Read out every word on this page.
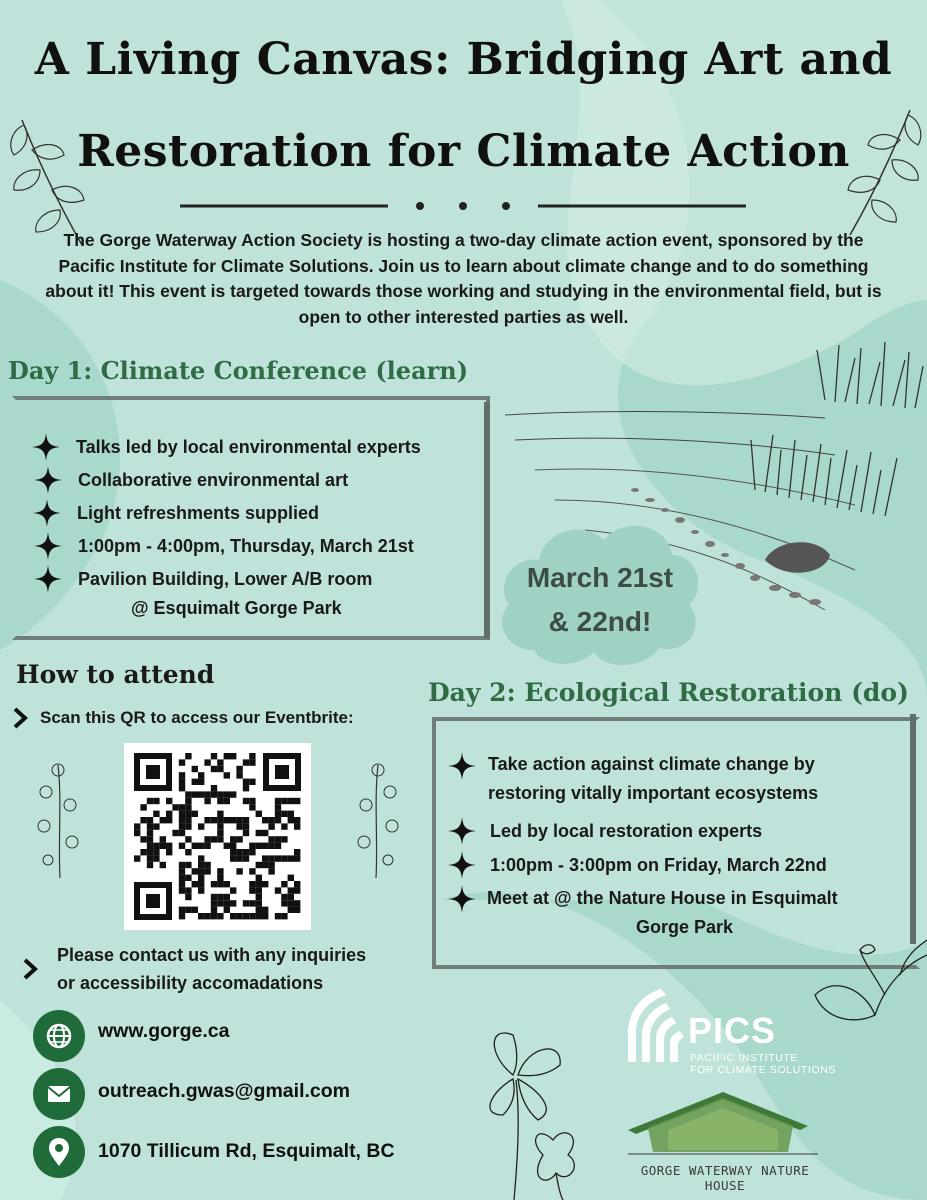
A Living Canvas: Bridging Art and
Restoration for Climate Action
The Gorge Waterway Action Society is hosting a two-day climate action event, sponsored by the Pacific Institute for Climate Solutions. Join us to learn about climate change and to do something about it! This event is targeted towards those working and studying in the environmental field, but is open to other interested parties as well.
Day 1: Climate Conference (learn)
Talks led by local environmental experts
Collaborative environmental art
Light refreshments supplied
1:00pm - 4:00pm, Thursday, March 21st
Pavilion Building, Lower A/B room
@ Esquimalt Gorge Park
March 21st
& 22nd!
How to attend
Scan this QR to access our Eventbrite:
Please contact us with any inquiries
or accessibility accomadations
www.gorge.ca
outreach.gwas@gmail.com
1070 Tillicum Rd, Esquimalt, BC
Day 2: Ecological Restoration (do)
Take action against climate change by
restoring vitally important ecosystems
Led by local restoration experts
1:00pm - 3:00pm on Friday, March 22nd
Meet at @ the Nature House in Esquimalt
Gorge Park
PICS
PACIFIC INSTITUTE
FOR CLIMATE SOLUTIONS
GORGE WATERWAY NATURE HOUSE
